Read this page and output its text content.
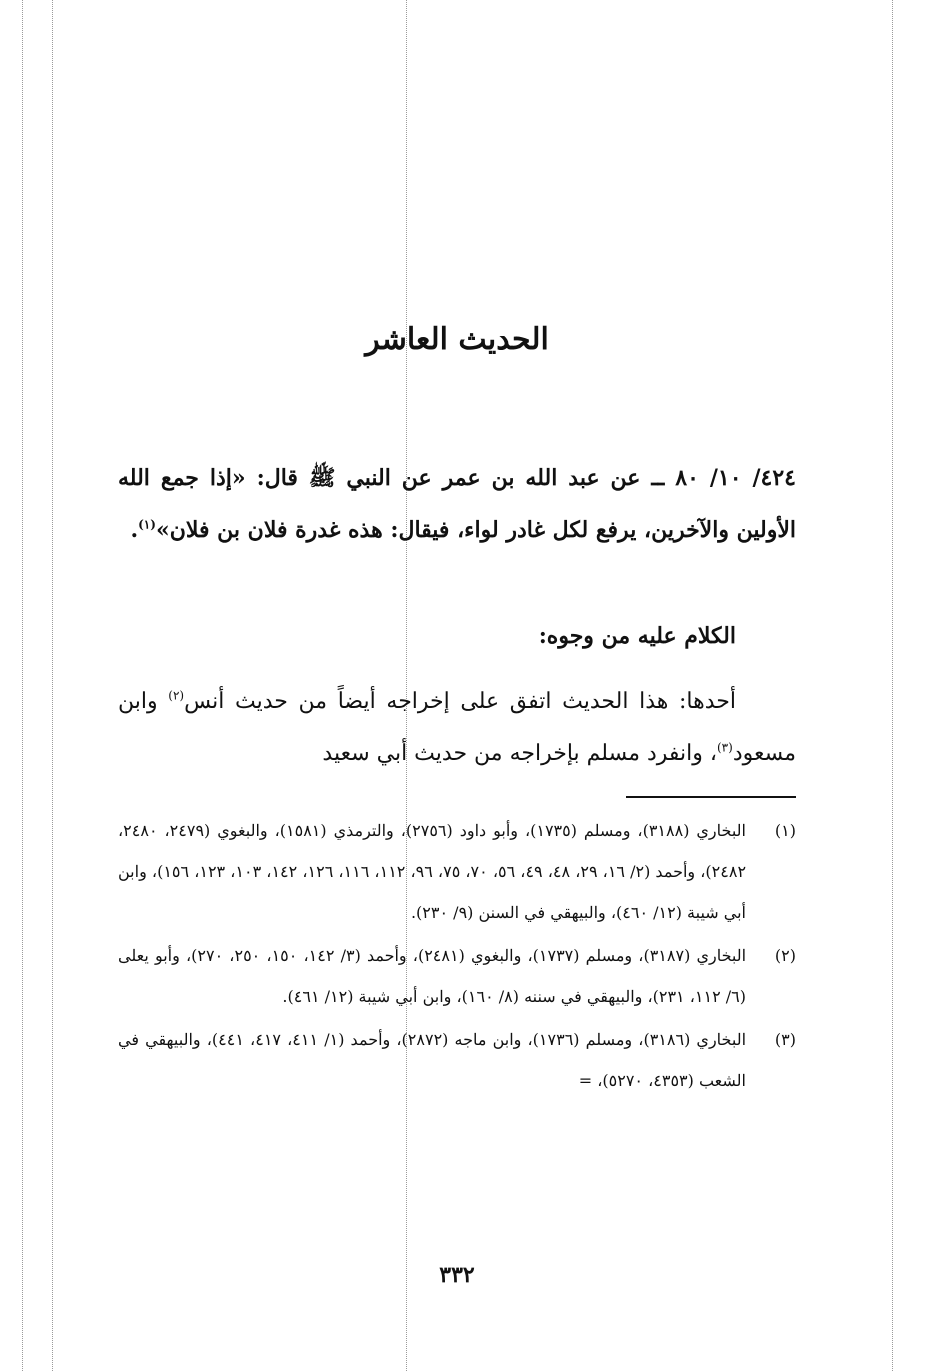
الحديث العاشر
٤٢٤/ ١٠/ ٨٠ ــ عن عبد الله بن عمر عن النبي ﷺ قال: «إذا جمع الله الأولين والآخرين، يرفع لكل غادر لواء، فيقال: هذه غدرة فلان بن فلان»$^{(١)}$.
الكلام عليه من وجوه:
أحدها: هذا الحديث اتفق على إخراجه أيضاً من حديث أنس$^{(٢)}$ وابن مسعود$^{(٣)}$، وانفرد مسلم بإخراجه من حديث أبي سعيد
(١)
البخاري (٣١٨٨)، ومسلم (١٧٣٥)، وأبو داود (٢٧٥٦)، والترمذي (١٥٨١)، والبغوي (٢٤٧٩، ٢٤٨٠، ٢٤٨٢)، وأحمد (٢/ ١٦، ٢٩، ٤٨، ٤٩، ٥٦، ٧٠، ٧٥، ٩٦، ١١٢، ١١٦، ١٢٦، ١٤٢، ١٠٣، ١٢٣، ١٥٦)، وابن أبي شيبة (١٢/ ٤٦٠)، والبيهقي في السنن (٩/ ٢٣٠).
(٢)
البخاري (٣١٨٧)، ومسلم (١٧٣٧)، والبغوي (٢٤٨١)، وأحمد (٣/ ١٤٢، ١٥٠، ٢٥٠، ٢٧٠)، وأبو يعلى (٦/ ١١٢، ٢٣١)، والبيهقي في سننه (٨/ ١٦٠)، وابن أبي شيبة (١٢/ ٤٦١).
(٣)
البخاري (٣١٨٦)، ومسلم (١٧٣٦)، وابن ماجه (٢٨٧٢)، وأحمد (١/ ٤١١، ٤١٧، ٤٤١)، والبيهقي في الشعب (٤٣٥٣، ٥٢٧٠)، =
٣٣٢
